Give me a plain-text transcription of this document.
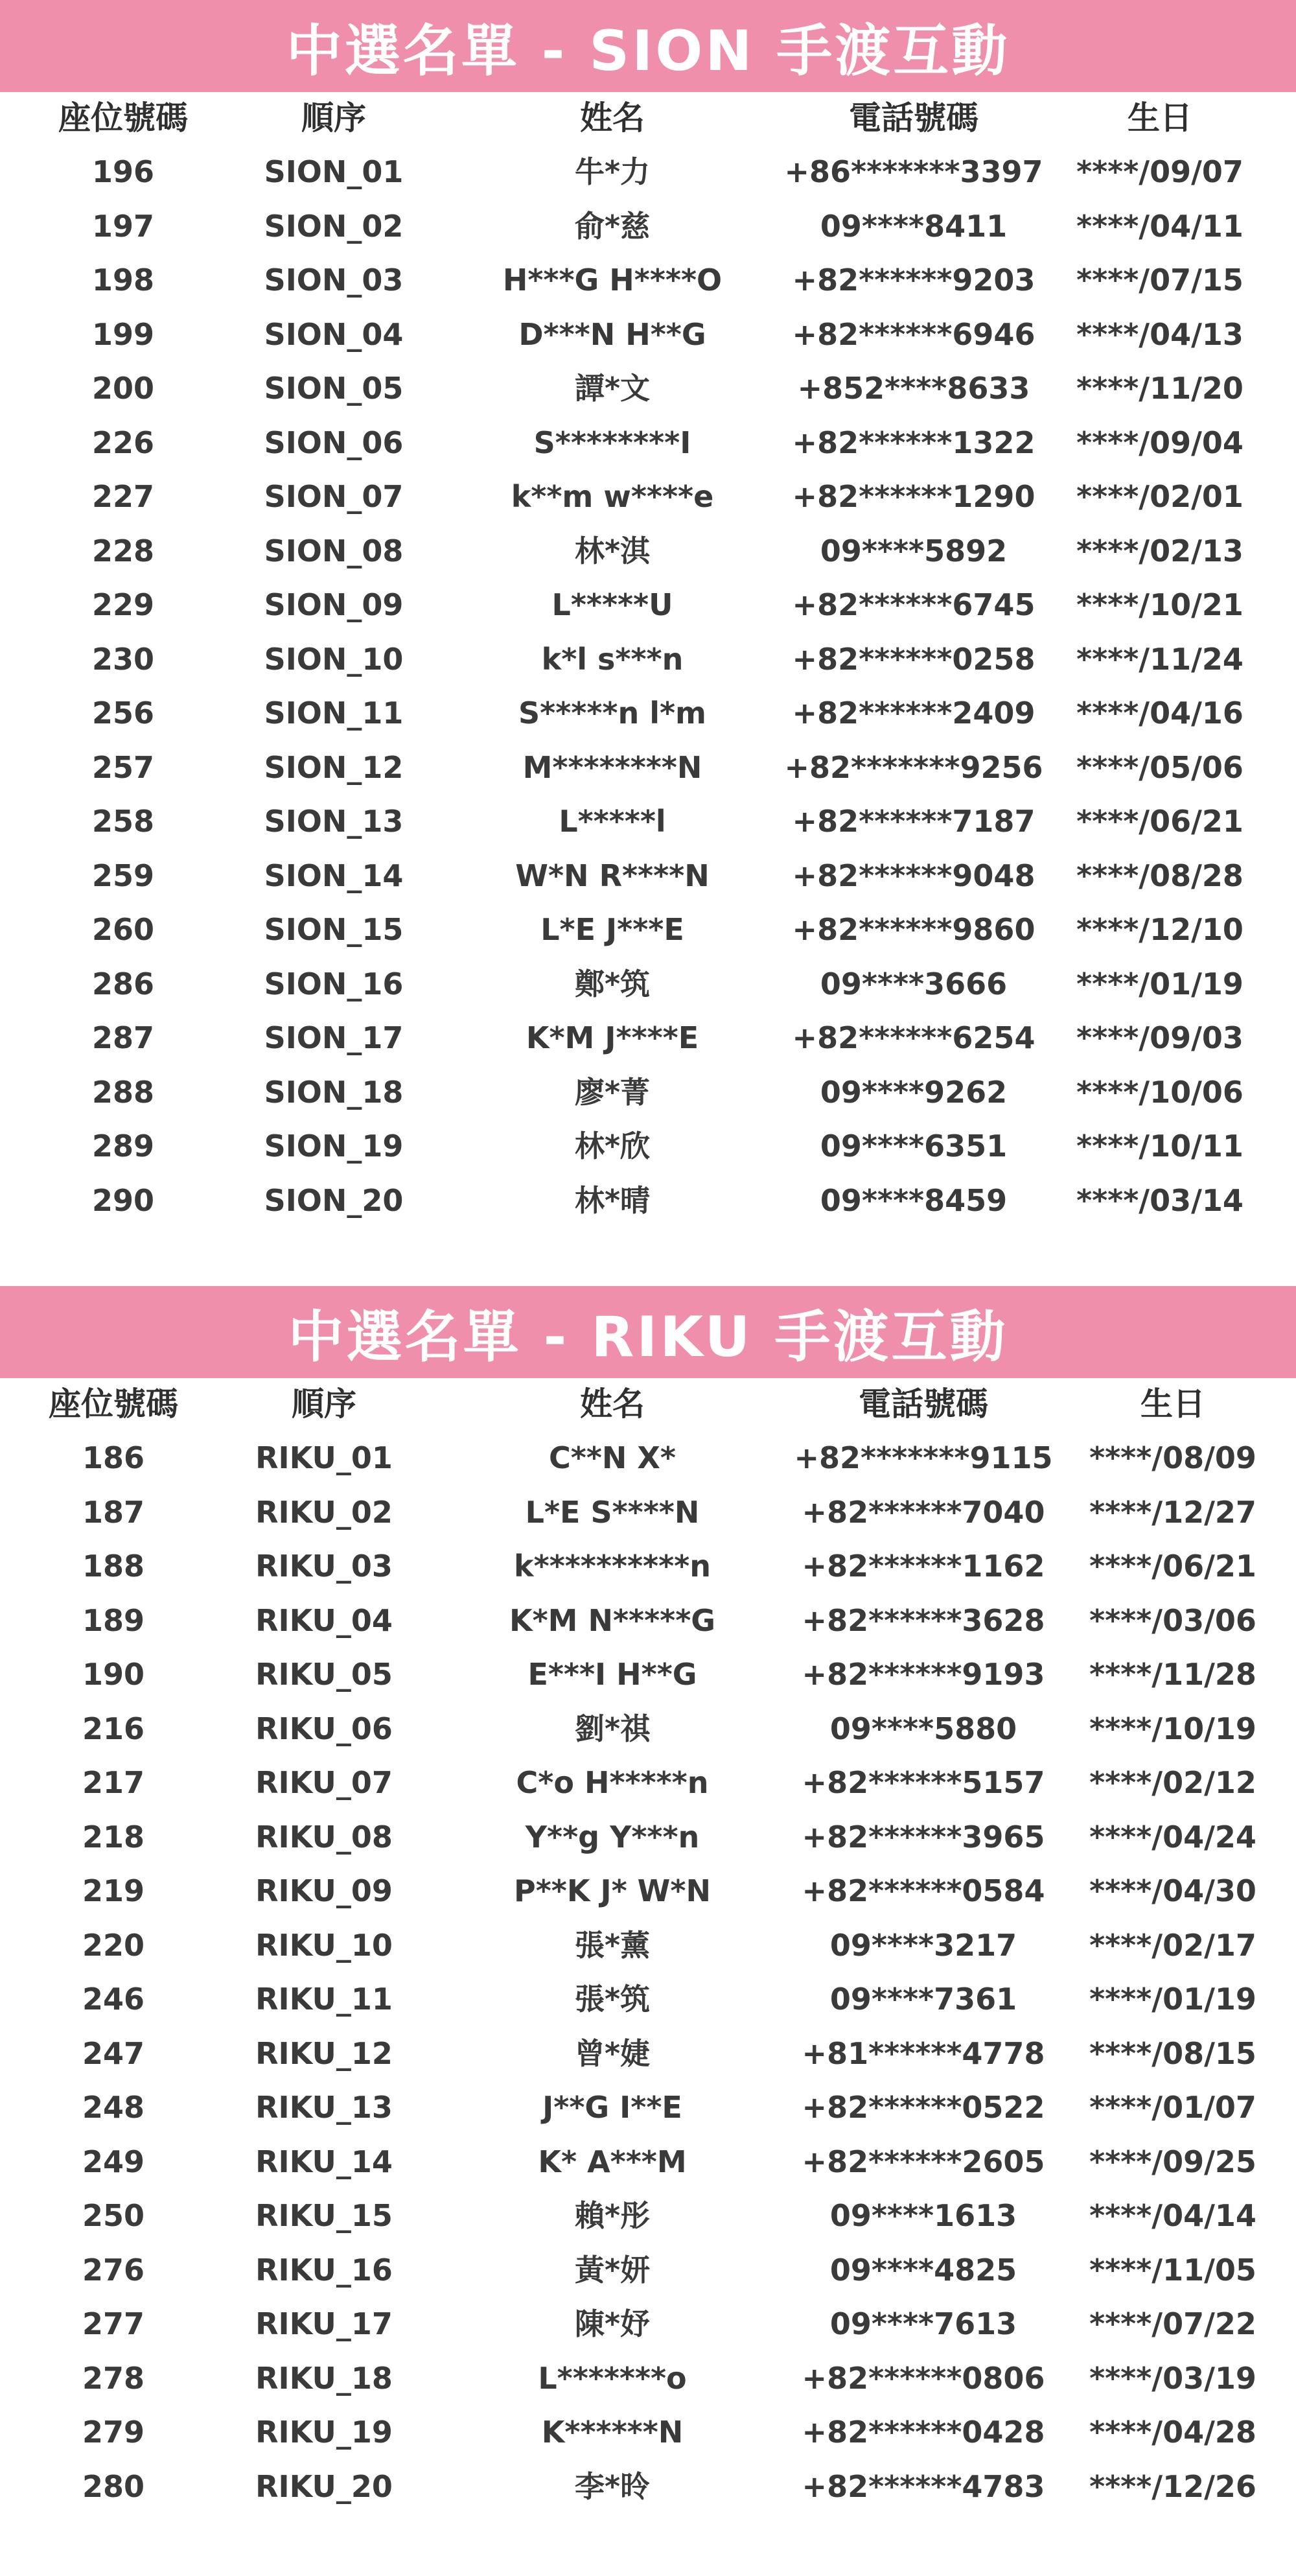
中選名單 - SION 手渡互動
座位號碼	順序	姓名	電話號碼	生日
196	SION_01	牛*力	+86*******3397	****/09/07
197	SION_02	俞*慈	09****8411	****/04/11
198	SION_03	H***G H****O	+82******9203	****/07/15
199	SION_04	D***N H**G	+82******6946	****/04/13
200	SION_05	譚*文	+852****8633	****/11/20
226	SION_06	S********I	+82******1322	****/09/04
227	SION_07	k**m w****e	+82******1290	****/02/01
228	SION_08	林*淇	09****5892	****/02/13
229	SION_09	L*****U	+82******6745	****/10/21
230	SION_10	k*l s***n	+82******0258	****/11/24
256	SION_11	S*****n l*m	+82******2409	****/04/16
257	SION_12	M********N	+82*******9256	****/05/06
258	SION_13	L*****l	+82******7187	****/06/21
259	SION_14	W*N R****N	+82******9048	****/08/28
260	SION_15	L*E J***E	+82******9860	****/12/10
286	SION_16	鄭*筑	09****3666	****/01/19
287	SION_17	K*M J****E	+82******6254	****/09/03
288	SION_18	廖*菁	09****9262	****/10/06
289	SION_19	林*欣	09****6351	****/10/11
290	SION_20	林*晴	09****8459	****/03/14
中選名單 - RIKU 手渡互動
座位號碼	順序	姓名	電話號碼	生日
186	RIKU_01	C**N X*	+82*******9115	****/08/09
187	RIKU_02	L*E S****N	+82******7040	****/12/27
188	RIKU_03	k**********n	+82******1162	****/06/21
189	RIKU_04	K*M N*****G	+82******3628	****/03/06
190	RIKU_05	E***I H**G	+82******9193	****/11/28
216	RIKU_06	劉*祺	09****5880	****/10/19
217	RIKU_07	C*o H*****n	+82******5157	****/02/12
218	RIKU_08	Y**g Y***n	+82******3965	****/04/24
219	RIKU_09	P**K J* W*N	+82******0584	****/04/30
220	RIKU_10	張*薰	09****3217	****/02/17
246	RIKU_11	張*筑	09****7361	****/01/19
247	RIKU_12	曾*婕	+81******4778	****/08/15
248	RIKU_13	J**G I**E	+82******0522	****/01/07
249	RIKU_14	K* A***M	+82******2605	****/09/25
250	RIKU_15	賴*彤	09****1613	****/04/14
276	RIKU_16	黃*妍	09****4825	****/11/05
277	RIKU_17	陳*妤	09****7613	****/07/22
278	RIKU_18	L*******o	+82******0806	****/03/19
279	RIKU_19	K******N	+82******0428	****/04/28
280	RIKU_20	李*昤	+82******4783	****/12/26
